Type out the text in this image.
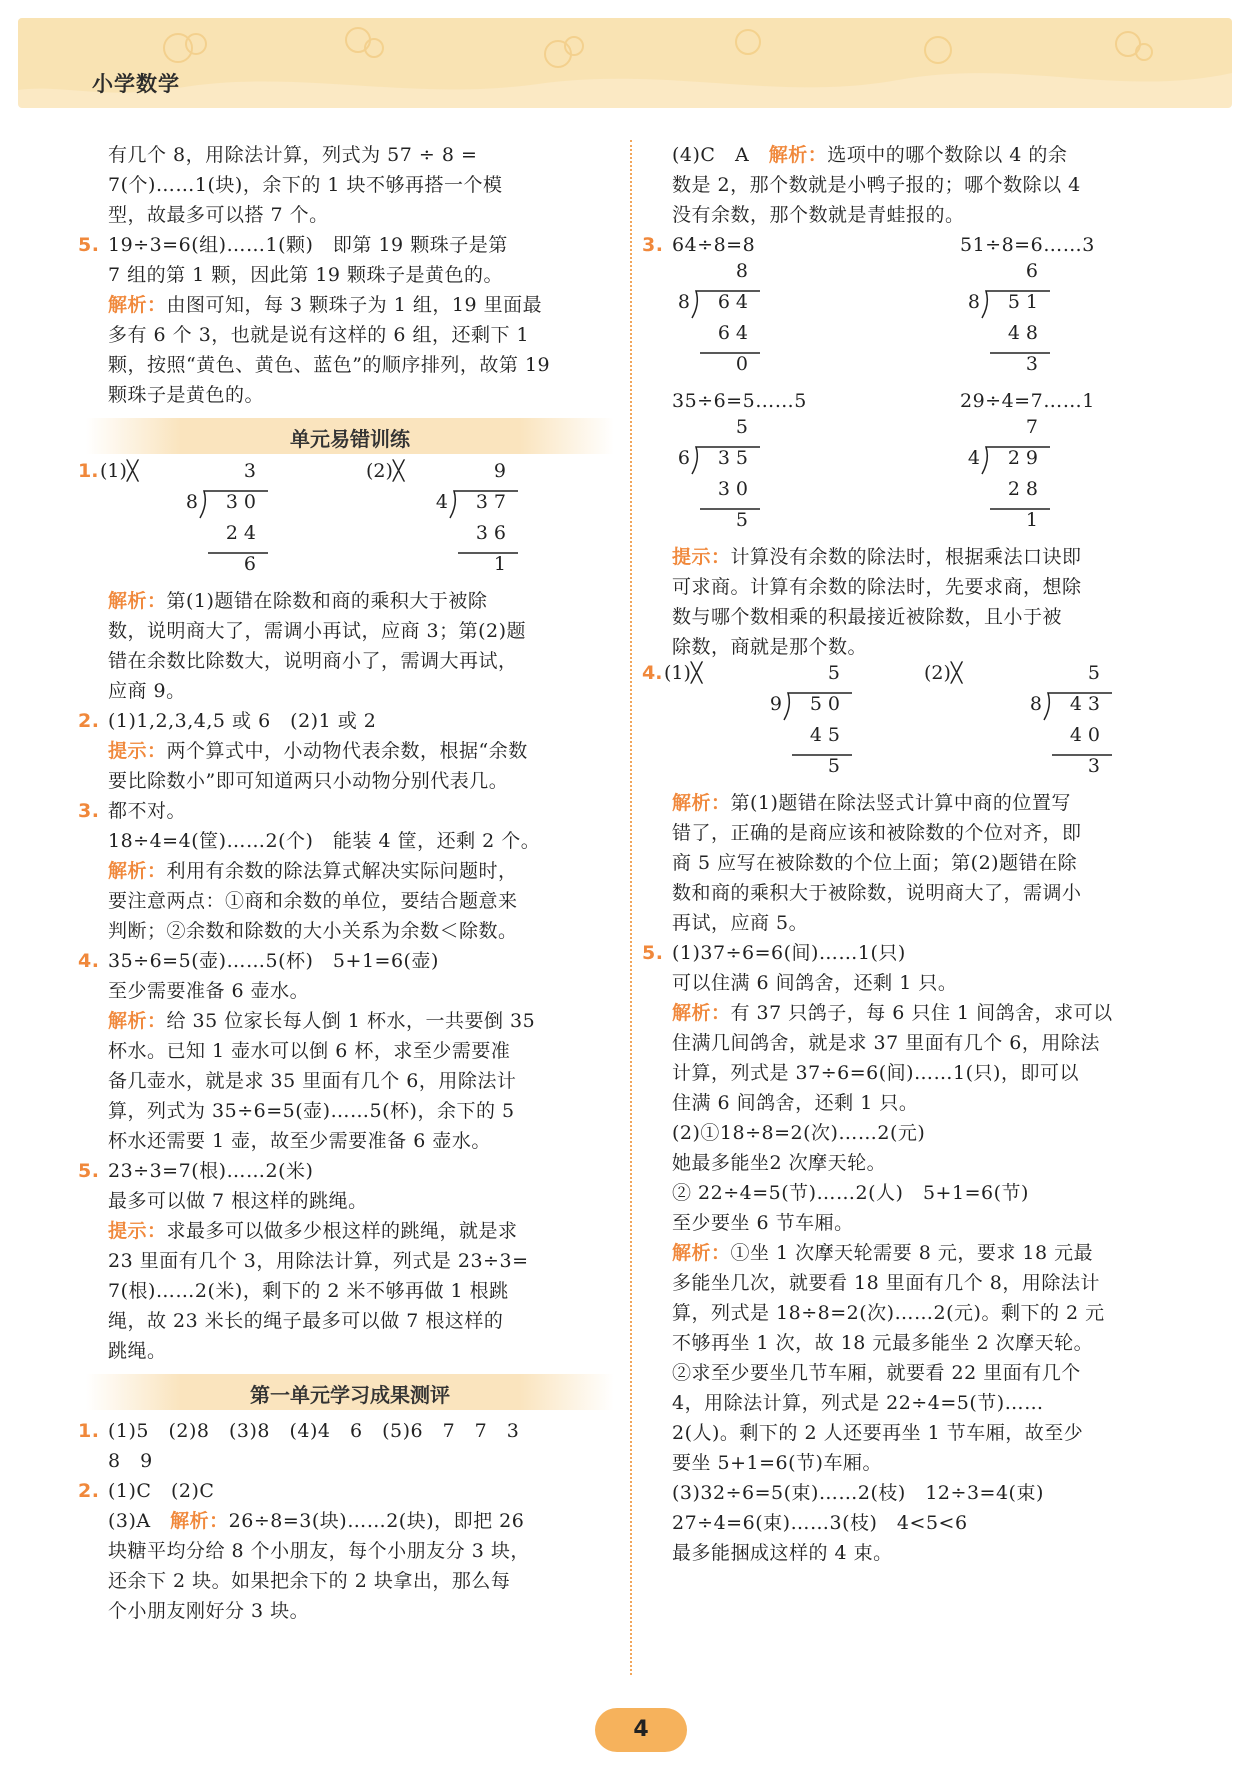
小学数学
有几个 8，用除法计算，列式为 57 ÷ 8 =
7(个)……1(块)，余下的 1 块不够再搭一个模
型，故最多可以搭 7 个。
5. 19÷3=6(组)……1(颗)　即第 19 颗珠子是第
7 组的第 1 颗，因此第 19 颗珠子是黄色的。
解析：由图可知，每 3 颗珠子为 1 组，19 里面最
多有 6 个 3，也就是说有这样的 6 组，还剩下 1
颗，按照“黄色、黄色、蓝色”的顺序排列，故第 19
颗珠子是黄色的。
单元易错训练
1. (1)╳	3
8	30
24
6
(2)╳	9
4	37
36
1
解析：第(1)题错在除数和商的乘积大于被除
数，说明商大了，需调小再试，应商 3；第(2)题
错在余数比除数大，说明商小了，需调大再试，
应商 9。
2. (1)1,2,3,4,5 或 6　(2)1 或 2
提示：两个算式中，小动物代表余数，根据“余数
要比除数小”即可知道两只小动物分别代表几。
3. 都不对。
18÷4=4(筐)……2(个)　能装 4 筐，还剩 2 个。
解析：利用有余数的除法算式解决实际问题时，
要注意两点：①商和余数的单位，要结合题意来
判断；②余数和除数的大小关系为余数＜除数。
4. 35÷6=5(壶)……5(杯)　5+1=6(壶)
至少需要准备 6 壶水。
解析：给 35 位家长每人倒 1 杯水，一共要倒 35
杯水。已知 1 壶水可以倒 6 杯，求至少需要准
备几壶水，就是求 35 里面有几个 6，用除法计
算，列式为 35÷6=5(壶)……5(杯)，余下的 5
杯水还需要 1 壶，故至少需要准备 6 壶水。
5. 23÷3=7(根)……2(米)
最多可以做 7 根这样的跳绳。
提示：求最多可以做多少根这样的跳绳，就是求
23 里面有几个 3，用除法计算，列式是 23÷3=
7(根)……2(米)，剩下的 2 米不够再做 1 根跳
绳，故 23 米长的绳子最多可以做 7 根这样的
跳绳。
第一单元学习成果测评
1. (1)5　(2)8　(3)8　(4)4　6　(5)6　7　7　3
8　9
2. (1)C　(2)C
(3)A　 解析：26÷8=3(块)……2(块)，即把 26
块糖平均分给 8 个小朋友，每个小朋友分 3 块，
还余下 2 块。如果把余下的 2 块拿出，那么每
个小朋友刚好分 3 块。
(4)C　A　 解析：选项中的哪个数除以 4 的余
数是 2，那个数就是小鸭子报的；哪个数除以 4
没有余数，那个数就是青蛙报的。
3. 64÷8=8	51÷8=6……3
8
8	64
64
0
6
8	51
48
3
35÷6=5……5	29÷4=7……1
5
6	35
30
5
7
4	29
28
1
提示：计算没有余数的除法时，根据乘法口诀即
可求商。计算有余数的除法时，先要求商，想除
数与哪个数相乘的积最接近被除数，且小于被
除数，商就是那个数。
4. (1)╳	5
9	50
45
5
(2)╳	5
8	43
40
3
解析：第(1)题错在除法竖式计算中商的位置写
错了，正确的是商应该和被除数的个位对齐，即
商 5 应写在被除数的个位上面；第(2)题错在除
数和商的乘积大于被除数，说明商大了，需调小
再试，应商 5。
5. (1)37÷6=6(间)……1(只)
可以住满 6 间鸽舍，还剩 1 只。
解析：有 37 只鸽子，每 6 只住 1 间鸽舍，求可以
住满几间鸽舍，就是求 37 里面有几个 6，用除法
计算，列式是 37÷6=6(间)……1(只)，即可以
住满 6 间鸽舍，还剩 1 只。
(2)①18÷8=2(次)……2(元)
她最多能坐2 次摩天轮。
② 22÷4=5(节)……2(人)　5+1=6(节)
至少要坐 6 节车厢。
解析：①坐 1 次摩天轮需要 8 元，要求 18 元最
多能坐几次，就要看 18 里面有几个 8，用除法计
算，列式是 18÷8=2(次)……2(元)。剩下的 2 元
不够再坐 1 次，故 18 元最多能坐 2 次摩天轮。
②求至少要坐几节车厢，就要看 22 里面有几个
4，用除法计算，列式是 22÷4=5(节)……
2(人)。剩下的 2 人还要再坐 1 节车厢，故至少
要坐 5+1=6(节)车厢。
(3)32÷6=5(束)……2(枝)　12÷3=4(束)
27÷4=6(束)……3(枝)　4<5<6
最多能捆成这样的 4 束。
4
